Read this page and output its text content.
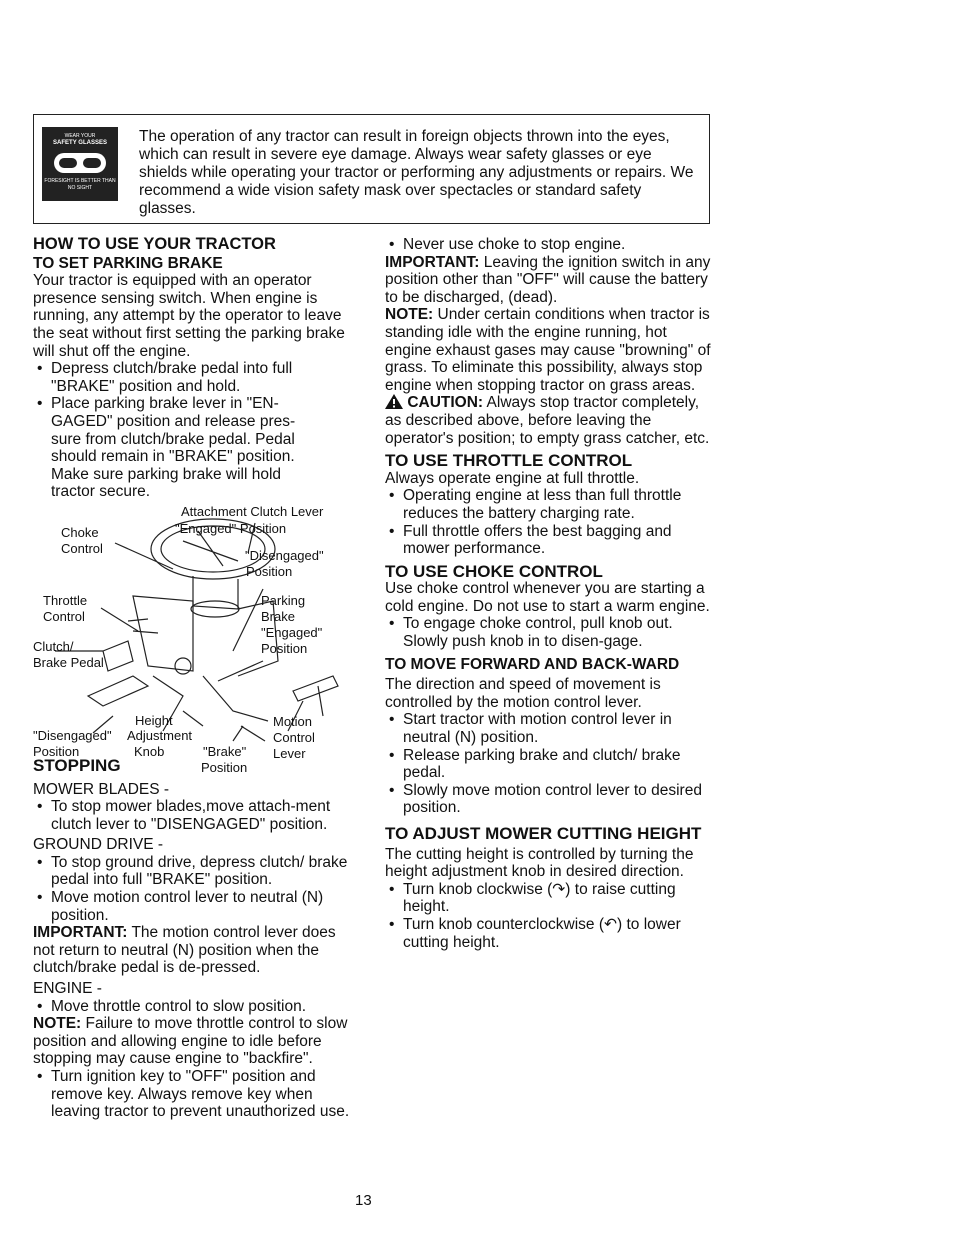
WEAR YOUR
SAFETY GLASSES
FORESIGHT IS BETTER THAN NO SIGHT
The operation of any tractor can result in foreign objects thrown into the eyes, which can result in severe eye damage. Always wear safety glasses or eye shields while operating your tractor or performing any adjustments or repairs. We recommend a wide vision safety mask over spectacles or standard safety glasses.
HOW TO USE YOUR TRACTOR
TO SET PARKING BRAKE

Your tractor is equipped with an operator presence sensing switch. When engine is running, any attempt by the operator to leave the seat without first setting the parking brake will shut off the engine.

• Depress clutch/brake pedal into full "BRAKE" position and hold.
• Place parking brake lever in "EN-GAGED" position and release pres-sure from clutch/brake pedal. Pedal should remain in "BRAKE" position. Make sure parking brake will hold tractor secure.
Attachment Clutch Lever
"Engaged" Position
Choke
Control	"Disengaged"
Position
Throttle
Control
Parking
Brake
"Engaged"
Position
Clutch/
Brake Pedal
Height
"Disengaged" Adjustment
Position	Knob	"Brake"
Motion
Control
Lever
Position
STOPPING

MOWER BLADES -

• To stop mower blades,move attach-ment clutch lever to "DISENGAGED" position.

GROUND DRIVE -

• To stop ground drive, depress clutch/ brake pedal into full "BRAKE" position.
• Move motion control lever to neutral (N) position.

IMPORTANT: The motion control lever does not return to neutral (N) position when the clutch/brake pedal is de-pressed.

ENGINE -

• Move throttle control to slow position.

NOTE: Failure to move throttle control to slow position and allowing engine to idle before stopping may cause engine to "backfire".

• Turn ignition key to "OFF" position and remove key. Always remove key when leaving tractor to prevent unauthorized use.
• Never use choke to stop engine.

IMPORTANT: Leaving the ignition switch in any position other than "OFF" will cause the battery to be discharged, (dead).

NOTE: Under certain conditions when tractor is standing idle with the engine running, hot engine exhaust gases may cause "browning" of grass. To eliminate this possibility, always stop engine when stopping tractor on grass areas.

CAUTION: Always stop tractor completely, as described above, before leaving the operator's position; to empty grass catcher, etc.

TO USE THROTTLE CONTROL

Always operate engine at full throttle.

• Operating engine at less than full throttle reduces the battery charging rate.
• Full throttle offers the best bagging and mower performance.
TO USE CHOKE CONTROL

Use choke control whenever you are starting a cold engine. Do not use to start a warm engine.

• To engage choke control, pull knob out. Slowly push knob in to disen-gage.
TO MOVE FORWARD AND BACK-WARD

The direction and speed of movement is controlled by the motion control lever.

• Start tractor with motion control lever in neutral (N) position.
• Release parking brake and clutch/ brake pedal.
• Slowly move motion control lever to desired position.
TO ADJUST MOWER CUTTING HEIGHT

The cutting height is controlled by turning the height adjustment knob in desired direction.

• Turn knob clockwise (↷) to raise cutting height.
• Turn knob counterclockwise (↶) to lower cutting height.
13
